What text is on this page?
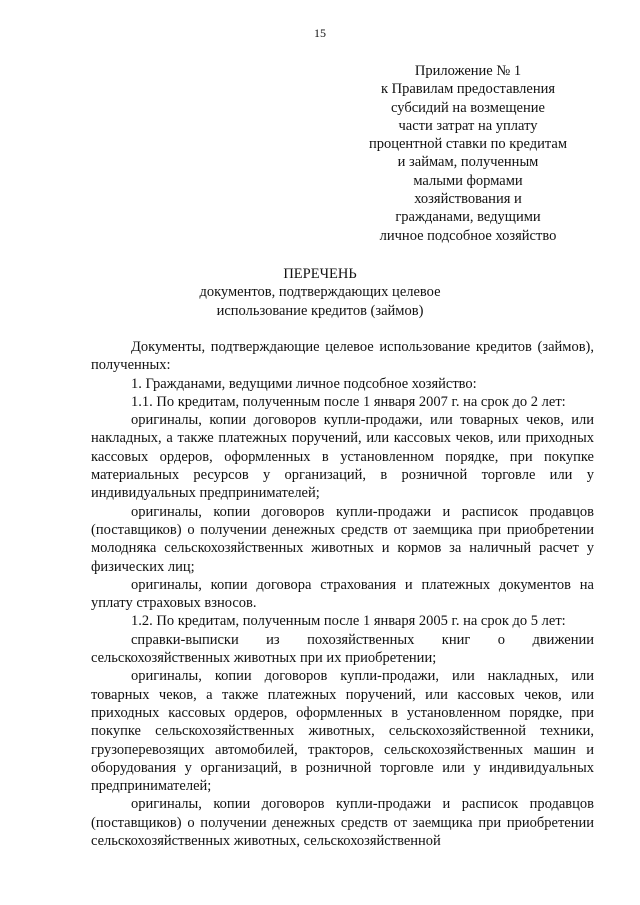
15
Приложение № 1
к Правилам предоставления
субсидий на возмещение
части затрат на уплату
процентной ставки по кредитам
и займам, полученным
малыми формами
хозяйствования и
гражданами, ведущими
личное подсобное хозяйство
ПЕРЕЧЕНЬ
документов, подтверждающих целевое
использование кредитов (займов)

Документы, подтверждающие целевое использование кредитов (займов), полученных:

1. Гражданами, ведущими личное подсобное хозяйство:

1.1. По кредитам, полученным после 1 января 2007 г. на срок до 2 лет:

оригиналы, копии договоров купли-продажи, или товарных чеков, или накладных, а также платежных поручений, или кассовых чеков, или приходных кассовых ордеров, оформленных в установленном порядке, при покупке материальных ресурсов у организаций, в розничной торговле или у индивидуальных предпринимателей;

оригиналы, копии договоров купли-продажи и расписок продавцов (поставщиков) о получении денежных средств от заемщика при приобретении молодняка сельскохозяйственных животных и кормов за наличный расчет у физических лиц;

оригиналы, копии договора страхования и платежных документов на уплату страховых взносов.

1.2. По кредитам, полученным после 1 января 2005 г. на срок до 5 лет:

справки-выписки из похозяйственных книг о движении сельскохозяйственных животных при их приобретении;

оригиналы, копии договоров купли-продажи, или накладных, или товарных чеков, а также платежных поручений, или кассовых чеков, или приходных кассовых ордеров, оформленных в установленном порядке, при покупке сельскохозяйственных животных, сельскохозяйственной техники, грузоперевозящих автомобилей, тракторов, сельскохозяйственных машин и оборудования у организаций, в розничной торговле или у индивидуальных предпринимателей;

оригиналы, копии договоров купли-продажи и расписок продавцов (поставщиков) о получении денежных средств от заемщика при приобретении сельскохозяйственных животных, сельскохозяйственной
